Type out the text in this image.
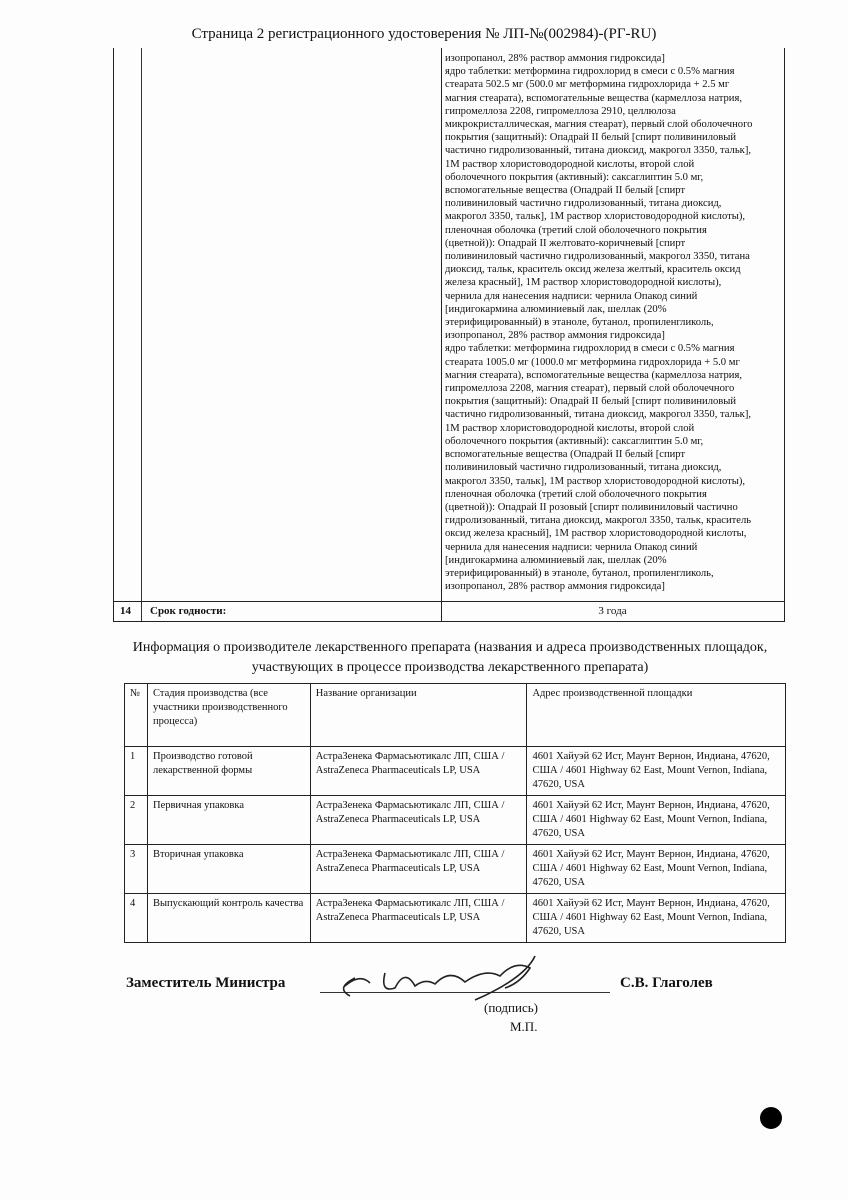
Страница 2 регистрационного удостоверения № ЛП-№(002984)-(РГ-RU)
изопропанол, 28% раствор аммония гидроксида]
ядро таблетки: метформина гидрохлорид в смеси с 0.5% магния
стеарата 502.5 мг (500.0 мг метформина гидрохлорида + 2.5 мг
магния стеарата), вспомогательные вещества (кармеллоза натрия,
гипромеллоза 2208, гипромеллоза 2910, целлюлоза
микрокристаллическая, магния стеарат), первый слой оболочечного
покрытия (защитный): Опадрай II белый [спирт поливиниловый
частично гидролизованный, титана диоксид, макрогол 3350, тальк],
1М раствор хлористоводородной кислоты, второй слой
оболочечного покрытия (активный): саксаглиптин 5.0 мг,
вспомогательные вещества (Опадрай II белый [спирт
поливиниловый частично гидролизованный, титана диоксид,
макрогол 3350, тальк], 1М раствор хлористоводородной кислоты),
пленочная оболочка (третий слой оболочечного покрытия
(цветной)): Опадрай II желтовато-коричневый [спирт
поливиниловый частично гидролизованный, макрогол 3350, титана
диоксид, тальк, краситель оксид железа желтый, краситель оксид
железа красный], 1М раствор хлористоводородной кислоты),
чернила для нанесения надписи: чернила Опакод синий
[индигокармина алюминиевый лак, шеллак (20%
этерифицированный) в этаноле, бутанол, пропиленгликоль,
изопропанол, 28% раствор аммония гидроксида]
ядро таблетки: метформина гидрохлорид в смеси с 0.5% магния
стеарата 1005.0 мг (1000.0 мг метформина гидрохлорида + 5.0 мг
магния стеарата), вспомогательные вещества (кармеллоза натрия,
гипромеллоза 2208, магния стеарат), первый слой оболочечного
покрытия (защитный): Опадрай II белый [спирт поливиниловый
частично гидролизованный, титана диоксид, макрогол 3350, тальк],
1М раствор хлористоводородной кислоты, второй слой
оболочечного покрытия (активный): саксаглиптин 5.0 мг,
вспомогательные вещества (Опадрай II белый [спирт
поливиниловый частично гидролизованный, титана диоксид,
макрогол 3350, тальк], 1М раствор хлористоводородной кислоты),
пленочная оболочка (третий слой оболочечного покрытия
(цветной)): Опадрай II розовый [спирт поливиниловый частично
гидролизованный, титана диоксид, макрогол 3350, тальк, краситель
оксид железа красный], 1М раствор хлористоводородной кислоты,
чернила для нанесения надписи: чернила Опакод синий
[индигокармина алюминиевый лак, шеллак (20%
этерифицированный) в этаноле, бутанол, пропиленгликоль,
изопропанол, 28% раствор аммония гидроксида]
14 Срок годности:	3 года
Информация о производителе лекарственного препарата (названия и адреса производственных площадок, участвующих в процессе производства лекарственного препарата)
№	Стадия производства (все участники производственного процесса)	Название организации	Адрес производственной площадки
1	Производство готовой лекарственной формы	АстраЗенека Фармасьютикалс ЛП, США / AstraZeneca Pharmaceuticals LP, USA	4601 Хайуэй 62 Ист, Маунт Вернон, Индиана, 47620, США / 4601 Highway 62 East, Mount Vernon, Indiana, 47620, USA
2	Первичная упаковка	АстраЗенека Фармасьютикалс ЛП, США / AstraZeneca Pharmaceuticals LP, USA	4601 Хайуэй 62 Ист, Маунт Вернон, Индиана, 47620, США / 4601 Highway 62 East, Mount Vernon, Indiana, 47620, USA
3	Вторичная упаковка	АстраЗенека Фармасьютикалс ЛП, США / AstraZeneca Pharmaceuticals LP, USA	4601 Хайуэй 62 Ист, Маунт Вернон, Индиана, 47620, США / 4601 Highway 62 East, Mount Vernon, Indiana, 47620, USA
4	Выпускающий контроль качества	АстраЗенека Фармасьютикалс ЛП, США / AstraZeneca Pharmaceuticals LP, USA	4601 Хайуэй 62 Ист, Маунт Вернон, Индиана, 47620, США / 4601 Highway 62 East, Mount Vernon, Indiana, 47620, USA
Заместитель Министра	С.В. Глаголев
(подпись)
М.П.
